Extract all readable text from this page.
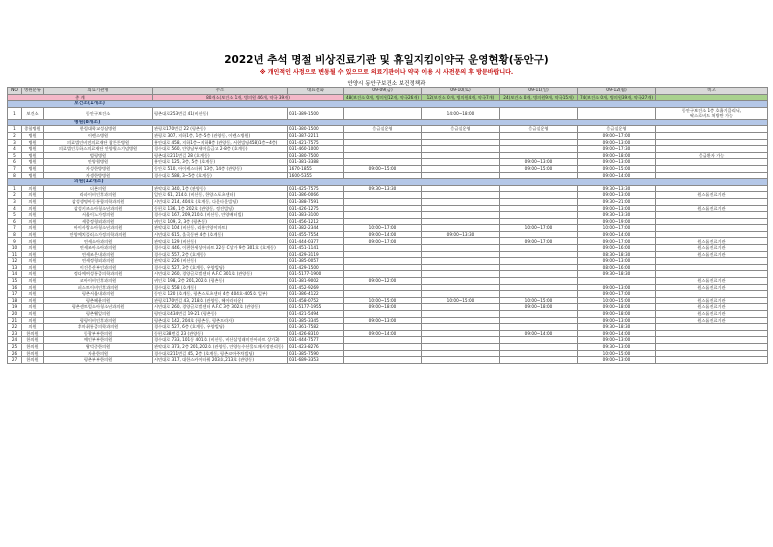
2022년 추석 명절 비상진료기관 및 휴일지킴이약국 운영현황(동안구)
※ 개인적인 사정으로 변동될 수 있으므로 의료기관이나 약국 이용 시 사전문의 후 방문바랍니다.
안양시 동안구보건소 보건정책과
NO	병원분류	의료기관명	주소	대표전화	09-09(금)	09-10(토)	09-11(일)	09-12(월)	비고
총 계			80개소(보건소 1개, 병의원 46개, 약국 39개)		48(보건소 0개, 병의원12개, 약국26개)	12(보건소 0개, 병의원4개, 약국7개)	24(보건소 0개, 병의원9개, 약국15개)	74(보건소 0개, 병의원39개, 약국27개)	
보건소(1개소)									
1	보건소	동안구보건소	평촌대로253번길 41(비산동)	031-389-1500		14:00~18:00			동안구보건소 1층 호흡기클리닉,
팍스로비드 처방만 가능
병원(8개소)									
1	종합병원	한림대학교성심병원	관평로170번길 22 (평촌동)	031-380-1500	응급실운영	응급실운영	응급실운영	응급실운영	
2	병원	이렌스병원	관평로 307, 지하1층, 1층-5층 (관양동, 이렌스병원)	031-387-2211				09:00~17:00	
3	병원	의료법인비전의료재단 참튼튼병원	흥안대로 458, 지하1층~지하8층 (관양동, 서현빌딩458)1층~4층)	031-421-7575				09:00~13:00	
4	병원	의료법인루하스의료재단 안양윌스기념병원	경수대로 560, 안양남부새마을금고 2-8층 (호계동)	031-460-1000				09:00~17:30	
5	병원	범평병원	평촌대로211번길 28 (호계동)	031-380-7500				09:00~18:00	응급환자 가능
6	병원	안양윌병원	흥안대로 125, 3층, 5층 (호계동)	031-381-3388			09:00~13:00	09:00~13:00	
7	병원	자성한방병원	동안로 510, 아이케스타워 13층, 14층 (관양동)	1670-1855	09:00~15:00		09:00~15:00	09:00~15:00	
8	병원	자생한방병원	경수대로 588, 3~5층 (호계동)	1600-5355				09:00~14:00	
의원(12개소)									
1	의원	더본의원	관악대로 340, 1층 (관양동)	031-425-7575	09:30~13:30			09:30~13:30	
2	의원	라파이비인후과의원	일안로 61, 214호 (비산동, 한양스포츠센터)	031-386-0066				09:00~13:00	원스톱진료기관
3	의원	삼성생명아동통합의학과의원	시민대로 214, 404호 (호계동, 다운타운빌딩)	031-388-7591				09:30~21:00	
4	의원	삼성키즈소아청소년과의원	동편로 136, 1층 202호 (관양동, 정진빌딩)	031-426-1275				09:00~13:00	원스톱진료기관
5	의원	서울이노가정의원	경수대로 167, 209,210호 (비산동, 안양배터빌)	031-383-3100				09:30~13:30	
6	의원	세종정형외과의원	귀인로 109, 2, 3층 (평촌동)	031-456-1212				09:00~19:00	
7	의원	아이사랑소아청소년과의원	관악대로 104 (비산동, 리흥안양이마트)	031-382-2344	10:00~17:00		10:00~17:00	10:00~17:00	
8	의원	안양예치플러스가정의학과의원	시민대로 615, 올곡동판 4층 (호계동)	031-455-7554	09:00~14:00	09:00~13:30		09:00~14:00	
9	의원	연세소아과의원	관악대로 129 (비산동)	031-444-0377	09:00~17:00		09:00~17:00	09:00~17:00	원스톱진료기관
10	의원	연세조아소아과의원	경수대로 446, 이편한세상아파트 22동 C상가 9층 301호 (호계동)	031-451-1141				09:00~16:00	원스톱진료기관
11	의원	연세조은내과의원	경수대로 557, 2층 (호계동)	031-429-3119				08:30~18:30	원스톱진료기관
12	의원	연세정형외과의원	관악대로 226 (비산동)	031-385-0057				09:00~13:00	
13	의원	이건웅산부인과의원	경수대로 527, 3층 (호계동, 우양빌딩)	031-429-1500				08:00~16:00	
14	의원	정다예여성통증의학과의원	시민대로 260, 경양글로벌센터 A.F.C 301호 (관양동)	031-5177-1900				09:30~18:30	
15	의원	코아이비인후과의원	귀인로 198, 2층 201,202호 (평촌동)	031-381-9002	09:00~12:00				원스톱진료기관
16	의원	퍼스트이비인후과의원	경수대로 558 (호계동)	031-452-9269				09:00~13:00	원스톱진료기관
17	의원	평촌서울내과의원	동안로 120 (호계동, 평촌스포츠센터 4층 404호-405호 일부)	031-386-4122				09:00~17:00	
18	의원	평촌혜윤의원	관평로170번길 43, 218호 (관양동, 혜이라타운)	031-458-0752	10:00~15:00	10:00~15:00	10:00~15:00	10:00~15:00	원스톱진료기관
19	의원	평촌센트럴소아청소년과의원	시민대로 260, 경양글로벌센터 A.F.C 3층 302호 (관양동)	031-5177-1955	09:00~18:00		09:00~18:00	09:00~18:00	원스톱진료기관
20	의원	평촌웰잎의원	평안대로434번길 19-21 (평촌동)	031-421-5494				09:00~18:00	원스톱진료기관
21	의원	평평이비인후과의원	평촌대로 142, 204호 (평촌동, 평촌프라자)	031-385-3345	09:00~13:00			09:00~13:00	원스톱진료기관
22	의원	후마취통증의학과의원	경수대로 527, 6층 (호계동, 우양빌딩)	031-361-7582				09:30~18:30	
23	한의원	동광부부한의원	동편로38번길 23 (관양동)	031-426-8310	09:00~14:00		09:00~14:00	09:00~14:00	
24	한의원	예인부부한의원	경수대로 733, 101동 401호 (비산동, 비산삼성래미안아파트 상가3)	031-444-7577				09:00~13:00	
25	한의원	왕덕중한의원	관악대로 373, 2층 201,202호 (관양동, 안양농수산물도매시장관리동)	031-423-8276				09:30~13:00	
26	한의원	자윤한의원	경수대로211번길 45, 2층 (호계동, 평촌코아주차빌딩)	031-385-7590				10:00~15:00	
27	한의원	평촌부부한의원	시민대로 317, 대한스카이타워 203호,213호 (관양동)	031-689-3353				09:00~13:00	
